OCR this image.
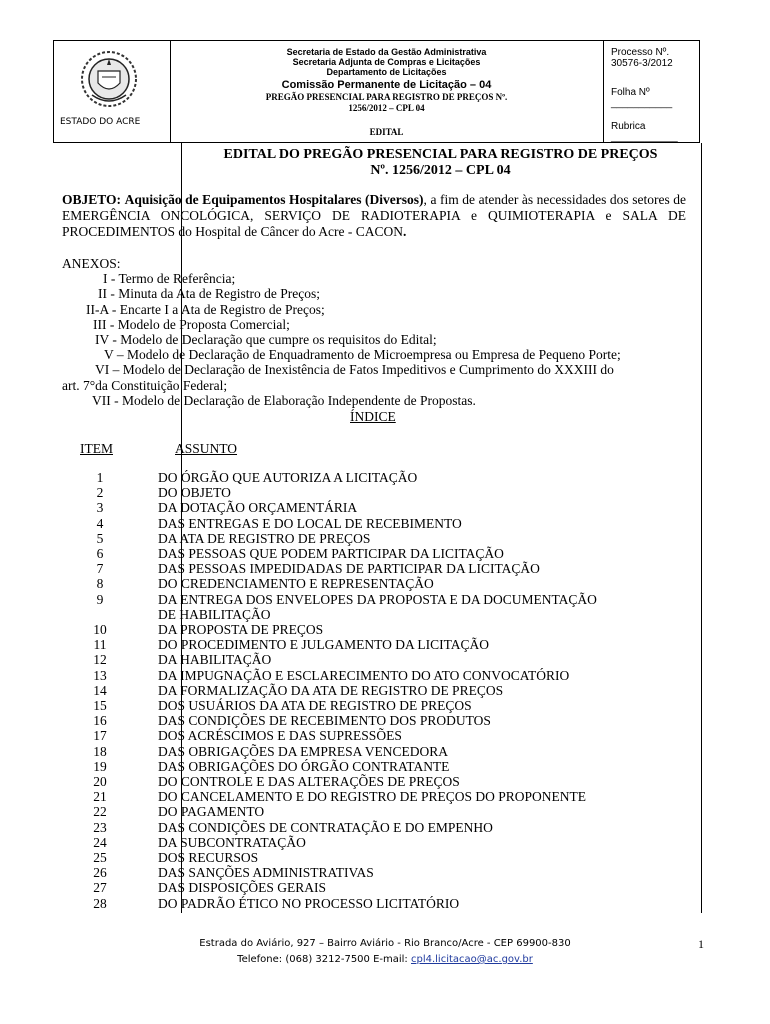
ESTADO DO ACRE
Secretaria de Estado da Gestão Administrativa
Secretaria Adjunta de Compras e Licitações
Departamento de Licitações
Comissão Permanente de Licitação – 04
PREGÃO PRESENCIAL PARA REGISTRO DE PREÇOS Nº.
1256/2012 – CPL 04
EDITAL
Processo Nº. 30576-3/2012
Folha Nº ___________
Rubrica ____________
EDITAL DO PREGÃO PRESENCIAL PARA REGISTRO DE PREÇOS
Nº. 1256/2012 – CPL 04
OBJETO: Aquisição de Equipamentos Hospitalares (Diversos), a fim de atender às necessidades dos setores de EMERGÊNCIA ONCOLÓGICA, SERVIÇO DE RADIOTERAPIA e QUIMIOTERAPIA e SALA DE PROCEDIMENTOS do Hospital de Câncer do Acre - CACON.
ANEXOS:
I - Termo de Referência;
II - Minuta da Ata de Registro de Preços;
II-A - Encarte I a Ata de Registro de Preços;
III - Modelo de Proposta Comercial;
IV - Modelo de Declaração que cumpre os requisitos do Edital;
V – Modelo de Declaração de Enquadramento de Microempresa ou Empresa de Pequeno Porte;
VI – Modelo de Declaração de Inexistência de Fatos Impeditivos e Cumprimento do XXXIII do
art. 7°da Constituição Federal;
VII - Modelo de Declaração de Elaboração Independente de Propostas.
ÍNDICE
ITEM	ASSUNTO
1	DO ÓRGÃO QUE AUTORIZA A LICITAÇÃO
2	DO OBJETO
3	DA DOTAÇÃO ORÇAMENTÁRIA
4	DAS ENTREGAS E DO LOCAL DE RECEBIMENTO
5	DA ATA DE REGISTRO DE PREÇOS
6	DAS PESSOAS QUE PODEM PARTICIPAR DA LICITAÇÃO
7	DAS PESSOAS IMPEDIDADAS DE PARTICIPAR DA LICITAÇÃO
8	DO CREDENCIAMENTO E REPRESENTAÇÃO
9	DA ENTREGA DOS ENVELOPES DA PROPOSTA E DA DOCUMENTAÇÃO
DE HABILITAÇÃO
10	DA PROPOSTA DE PREÇOS
11	DO PROCEDIMENTO E JULGAMENTO DA LICITAÇÃO
12	DA HABILITAÇÃO
13	DA IMPUGNAÇÃO E ESCLARECIMENTO DO ATO CONVOCATÓRIO
14	DA FORMALIZAÇÃO DA ATA DE REGISTRO DE PREÇOS
15	DOS USUÁRIOS DA ATA DE REGISTRO DE PREÇOS
16	DAS CONDIÇÕES DE RECEBIMENTO DOS PRODUTOS
17	DOS ACRÉSCIMOS E DAS SUPRESSÕES
18	DAS OBRIGAÇÕES DA EMPRESA VENCEDORA
19	DAS OBRIGAÇÕES DO ÓRGÃO CONTRATANTE
20	DO CONTROLE E DAS ALTERAÇÕES DE PREÇOS
21	DO CANCELAMENTO E DO REGISTRO DE PREÇOS DO PROPONENTE
22	DO PAGAMENTO
23	DAS CONDIÇÕES DE CONTRATAÇÃO E DO EMPENHO
24	DA SUBCONTRATAÇÃO
25	DOS RECURSOS
26	DAS SANÇÕES ADMINISTRATIVAS
27	DAS DISPOSIÇÕES GERAIS
28	DO PADRÃO ÉTICO NO PROCESSO LICITATÓRIO
Estrada do Aviário, 927 – Bairro Aviário - Rio Branco/Acre - CEP 69900-830
Telefone: (068) 3212-7500 E-mail: cpl4.licitacao@ac.gov.br
1
